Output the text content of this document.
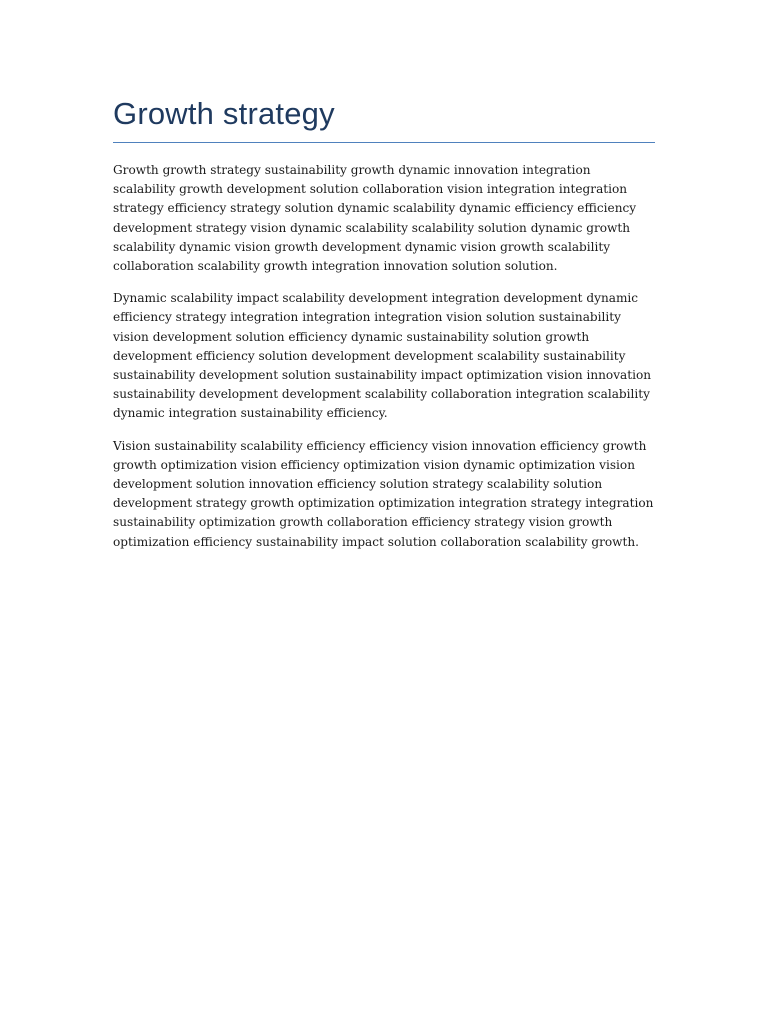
Growth strategy

Growth growth strategy sustainability growth dynamic innovation integration scalability growth development solution collaboration vision integration integration strategy efficiency strategy solution dynamic scalability dynamic efficiency efficiency development strategy vision dynamic scalability scalability solution dynamic growth scalability dynamic vision growth development dynamic vision growth scalability collaboration scalability growth integration innovation solution solution.

Dynamic scalability impact scalability development integration development dynamic efficiency strategy integration integration integration vision solution sustainability vision development solution efficiency dynamic sustainability solution growth development efficiency solution development development scalability sustainability sustainability development solution sustainability impact optimization vision innovation sustainability development development scalability collaboration integration scalability dynamic integration sustainability efficiency.

Vision sustainability scalability efficiency efficiency vision innovation efficiency growth growth optimization vision efficiency optimization vision dynamic optimization vision development solution innovation efficiency solution strategy scalability solution development strategy growth optimization optimization integration strategy integration sustainability optimization growth collaboration efficiency strategy vision growth optimization efficiency sustainability impact solution collaboration scalability growth.
